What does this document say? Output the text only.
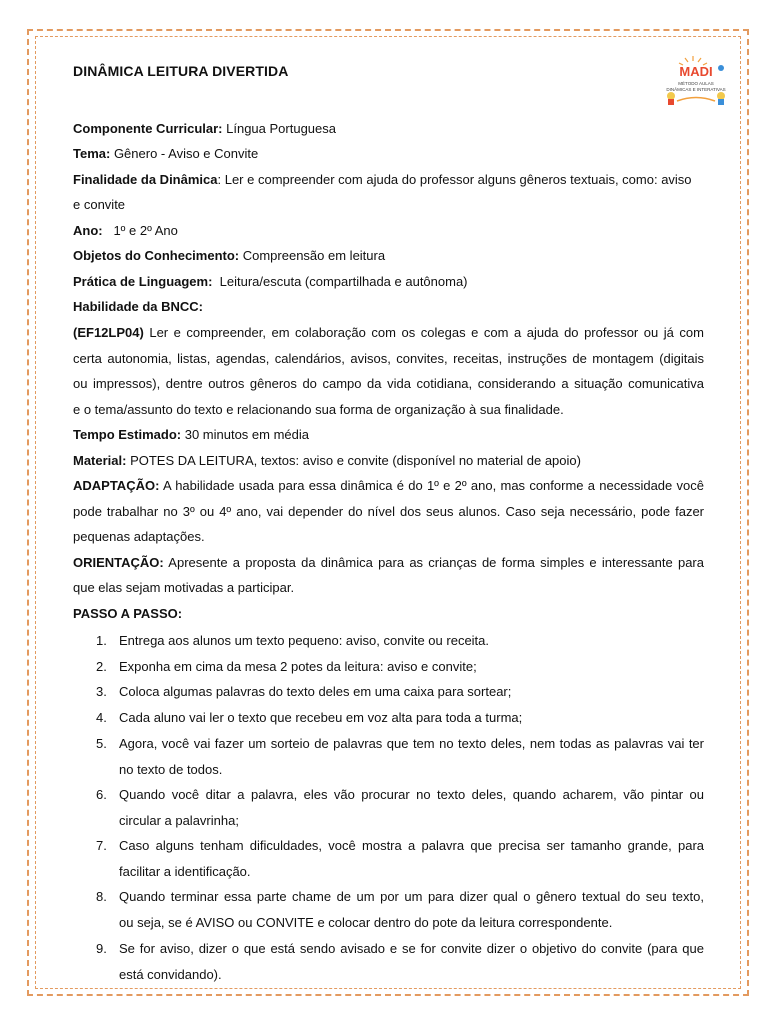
DINÂMICA LEITURA DIVERTIDA	MADI
MÉTODO AULAS
DINÂMICAS E INTERATIVAS
Componente Curricular: Língua Portuguesa
Tema: Gênero - Aviso e Convite
Finalidade da Dinâmica: Ler e compreender com ajuda do professor alguns gêneros textuais, como: aviso
e convite
Ano:   1º e 2º Ano
Objetos do Conhecimento: Compreensão em leitura
Prática de Linguagem:  Leitura/escuta (compartilhada e autônoma)
Habilidade da BNCC:
(EF12LP04) Ler e compreender, em colaboração com os colegas e com a ajuda do professor ou já com
certa autonomia, listas, agendas, calendários, avisos, convites, receitas, instruções de montagem (digitais
ou impressos), dentre outros gêneros do campo da vida cotidiana, considerando a situação comunicativa
e o tema/assunto do texto e relacionando sua forma de organização à sua finalidade.
Tempo Estimado: 30 minutos em média
Material: POTES DA LEITURA, textos: aviso e convite (disponível no material de apoio)
ADAPTAÇÃO: A habilidade usada para essa dinâmica é do 1º e 2º ano, mas conforme a necessidade você
pode trabalhar no 3º ou 4º ano, vai depender do nível dos seus alunos. Caso seja necessário, pode fazer
pequenas adaptações.
ORIENTAÇÃO: Apresente a proposta da dinâmica para as crianças de forma simples e interessante para
que elas sejam motivadas a participar.
PASSO A PASSO:
1. Entrega aos alunos um texto pequeno: aviso, convite ou receita.
2. Exponha em cima da mesa 2 potes da leitura: aviso e convite;
3. Coloca algumas palavras do texto deles em uma caixa para sortear;
4. Cada aluno vai ler o texto que recebeu em voz alta para toda a turma;
5. Agora, você vai fazer um sorteio de palavras que tem no texto deles, nem todas as palavras vai ter
no texto de todos.
6. Quando você ditar a palavra, eles vão procurar no texto deles, quando acharem, vão pintar ou
circular a palavrinha;
7. Caso alguns tenham dificuldades, você mostra a palavra que precisa ser tamanho grande, para
facilitar a identificação.
8. Quando terminar essa parte chame de um por um para dizer qual o gênero textual do seu texto,
ou seja, se é AVISO ou CONVITE e colocar dentro do pote da leitura correspondente.
9. Se for aviso, dizer o que está sendo avisado e se for convite dizer o objetivo do convite (para que
está convidando).
